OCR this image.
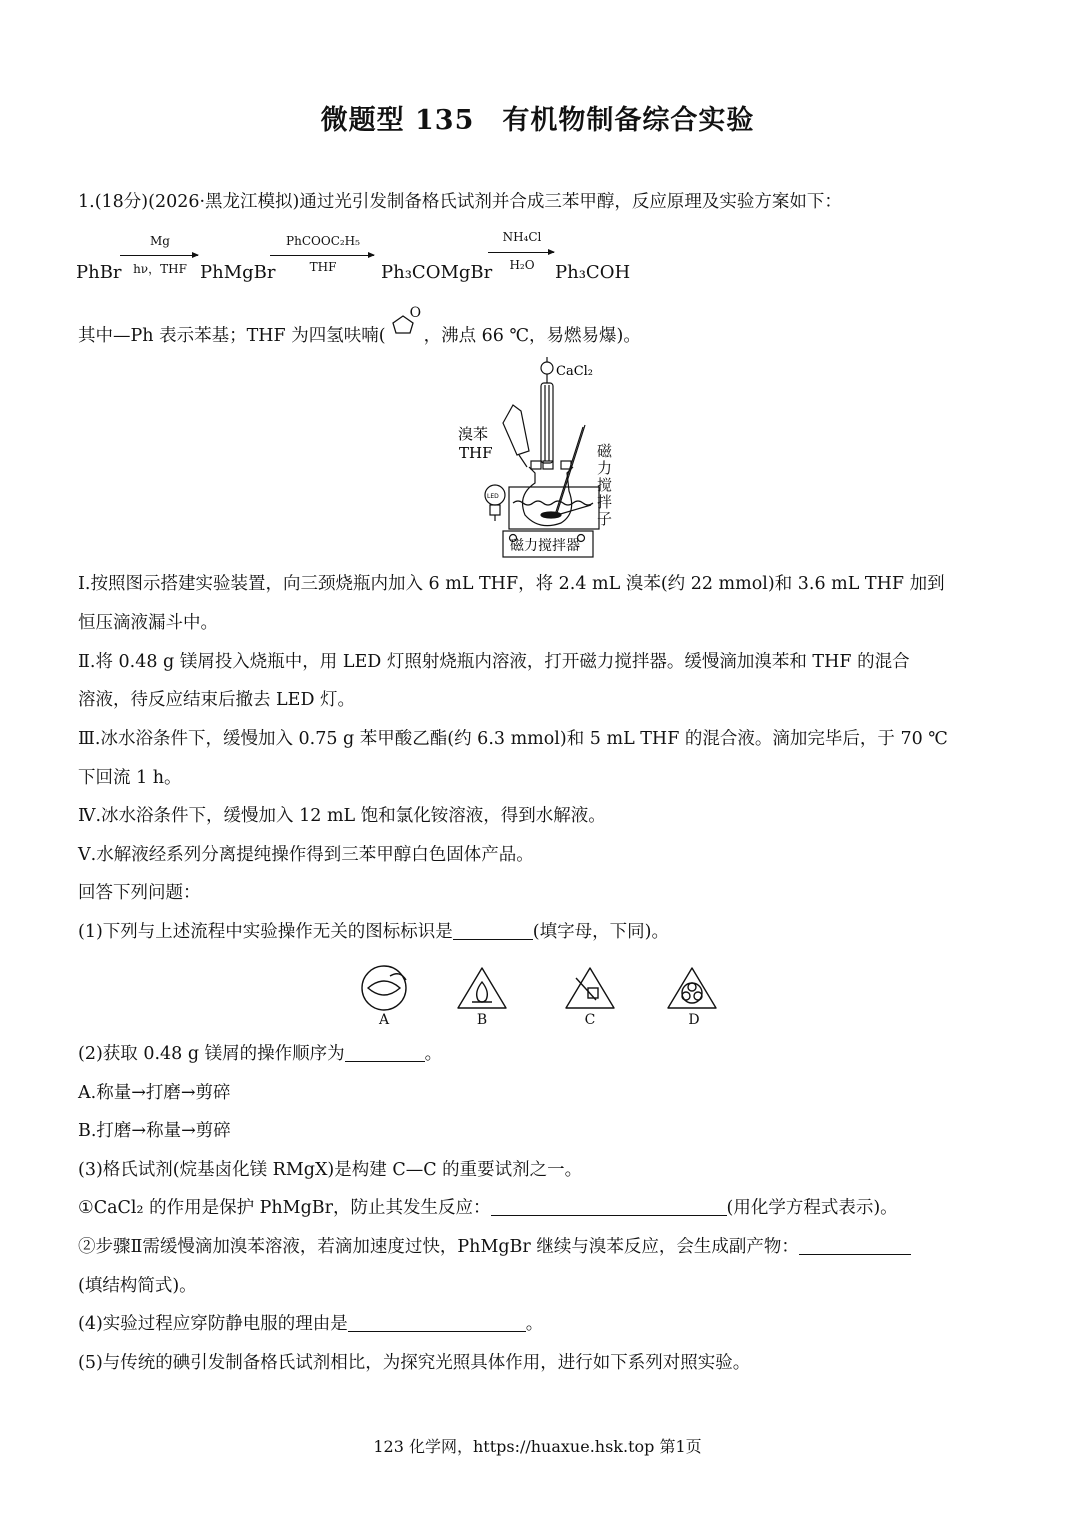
微题型 135　有机物制备综合实验
1.(18分)(2026·黑龙江模拟)通过光引发制备格氏试剂并合成三苯甲醇，反应原理及实验方案如下：
PhBr
Mg
hν，THF PhMgBr
PhCOOC₂H₅
THF	Ph₃COMgBr
NH₄Cl
H₂O	Ph₃COH
其中—Ph 表示苯基；THF 为四氢呋喃(
O
，沸点 66 ℃，易燃易爆)。
CaCl₂
溴苯
THF
LED
磁力搅拌器
磁力搅拌子
Ⅰ.按照图示搭建实验装置，向三颈烧瓶内加入 6 mL THF，将 2.4 mL 溴苯(约 22 mmol)和 3.6 mL THF 加到
恒压滴液漏斗中。
Ⅱ.将 0.48 g 镁屑投入烧瓶中，用 LED 灯照射烧瓶内溶液，打开磁力搅拌器。缓慢滴加溴苯和 THF 的混合
溶液，待反应结束后撤去 LED 灯。
Ⅲ.冰水浴条件下，缓慢加入 0.75 g 苯甲酸乙酯(约 6.3 mmol)和 5 mL THF 的混合液。滴加完毕后，于 70 ℃
下回流 1 h。
Ⅳ.冰水浴条件下，缓慢加入 12 mL 饱和氯化铵溶液，得到水解液。
Ⅴ.水解液经系列分离提纯操作得到三苯甲醇白色固体产品。
回答下列问题：
(1)下列与上述流程中实验操作无关的图标标识是	(填字母，下同)。
A	B	C	D
(2)获取 0.48 g 镁屑的操作顺序为	。
A.称量→打磨→剪碎
B.打磨→称量→剪碎
(3)格氏试剂(烷基卤化镁 RMgX)是构建 C—C 的重要试剂之一。
①CaCl₂ 的作用是保护 PhMgBr，防止其发生反应：	(用化学方程式表示)。
②步骤Ⅱ需缓慢滴加溴苯溶液，若滴加速度过快，PhMgBr 继续与溴苯反应，会生成副产物：
(填结构简式)。
(4)实验过程应穿防静电服的理由是	。
(5)与传统的碘引发制备格氏试剂相比，为探究光照具体作用，进行如下系列对照实验。
123 化学网，https://huaxue.hsk.top 第1页
